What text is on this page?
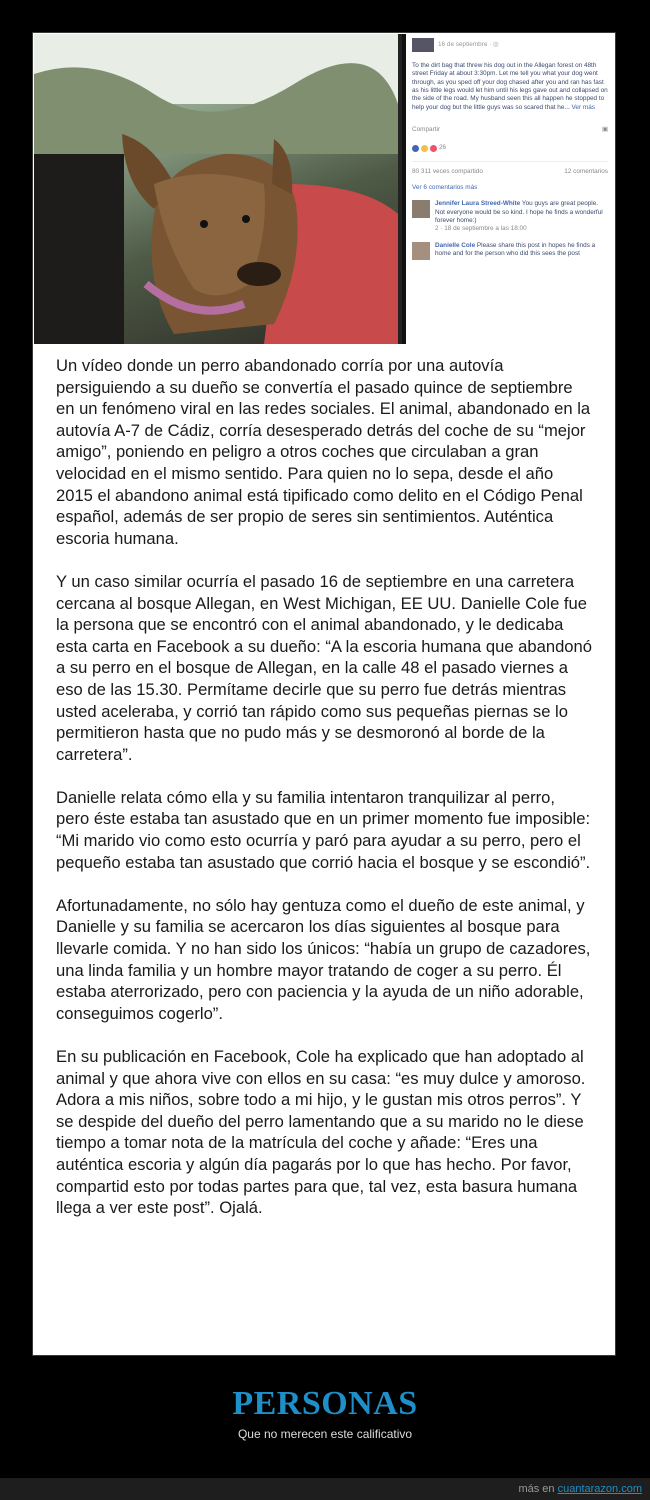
16 de septiembre · ◎
To the dirt bag that threw his dog out in the Allegan forest on 48th street Friday at about 3:30pm. Let me tell you what your dog went through, as you sped off your dog chased after you and ran has fast as his little legs would let him until his legs gave out and collapsed on the side of the road. My husband seen this all happen he stopped to help your dog but the little guys was so scared that he... Ver más
Compartir	▣
26
80 311 veces compartido	12 comentarios
Ver 6 comentarios más
Jennifer Laura Streed-White You guys are great people. Not everyone would be so kind. I hope he finds a wonderful forever home:)
2 · 18 de septiembre a las 18:00
Danielle Cole Please share this post in hopes he finds a home and for the person who did this sees the post

Un vídeo donde un perro abandonado corría por una autovía persiguiendo a su dueño se convertía el pasado quince de septiembre en un fenómeno viral en las redes sociales. El animal, abandonado en la autovía A-7 de Cádiz, corría desesperado detrás del coche de su “mejor amigo”, poniendo en peligro a otros coches que circulaban a gran velocidad en el mismo sentido. Para quien no lo sepa, desde el año 2015 el abandono animal está tipificado como delito en el Código Penal español, además de ser propio de seres sin sentimientos. Auténtica escoria humana.

Y un caso similar ocurría el pasado 16 de septiembre en una carretera cercana al bosque Allegan, en West Michigan, EE UU. Danielle Cole fue la persona que se encontró con el animal abandonado, y le dedicaba esta carta en Facebook a su dueño: “A la escoria humana que abandonó a su perro en el bosque de Allegan, en la calle 48 el pasado viernes a eso de las 15.30. Permítame decirle que su perro fue detrás mientras usted aceleraba, y corrió tan rápido como sus pequeñas piernas se lo permitieron hasta que no pudo más y se desmoronó al borde de la carretera”.

Danielle relata cómo ella y su familia intentaron tranquilizar al perro, pero éste estaba tan asustado que en un primer momento fue imposible: “Mi marido vio como esto ocurría y paró para ayudar a su perro, pero el pequeño estaba tan asustado que corrió hacia el bosque y se escondió”.

Afortunadamente, no sólo hay gentuza como el dueño de este animal, y Danielle y su familia se acercaron los días siguientes al bosque para llevarle comida. Y no han sido los únicos: “había un grupo de cazadores, una linda familia y un hombre mayor tratando de coger a su perro. Él estaba aterrorizado, pero con paciencia y la ayuda de un niño adorable, conseguimos cogerlo”.

En su publicación en Facebook, Cole ha explicado que han adoptado al animal y que ahora vive con ellos en su casa: “es muy dulce y amoroso. Adora a mis niños, sobre todo a mi hijo, y le gustan mis otros perros”. Y se despide del dueño del perro lamentando que a su marido no le diese tiempo a tomar nota de la matrícula del coche y añade: “Eres una auténtica escoria y algún día pagarás por lo que has hecho. Por favor, compartid esto por todas partes para que, tal vez, esta basura humana llega a ver este post”. Ojalá.

PERSONAS
Que no merecen este calificativo
más en cuantarazon.com
